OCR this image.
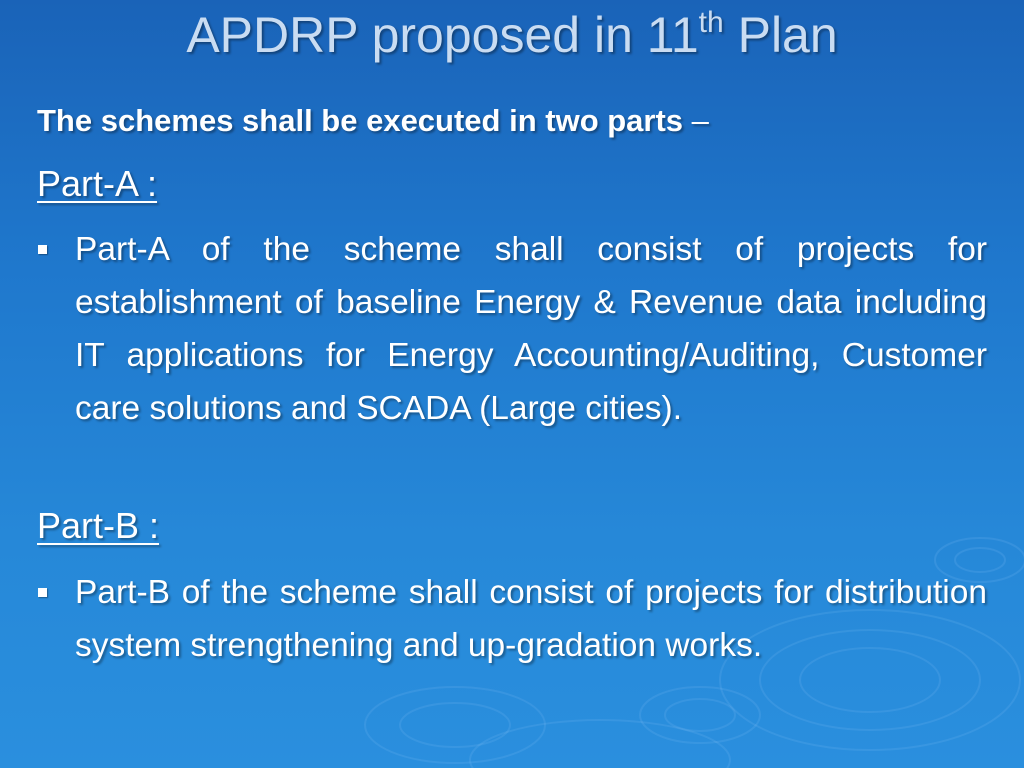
APDRP proposed in 11th Plan
The schemes shall be executed in two parts –
Part-A :

Part-A of the scheme shall consist of projects for establishment of baseline Energy & Revenue data including IT applications for Energy Accounting/Auditing, Customer care solutions and SCADA (Large cities).

Part-B :

Part-B of the scheme shall consist of projects for distribution system strengthening and up-gradation works.
